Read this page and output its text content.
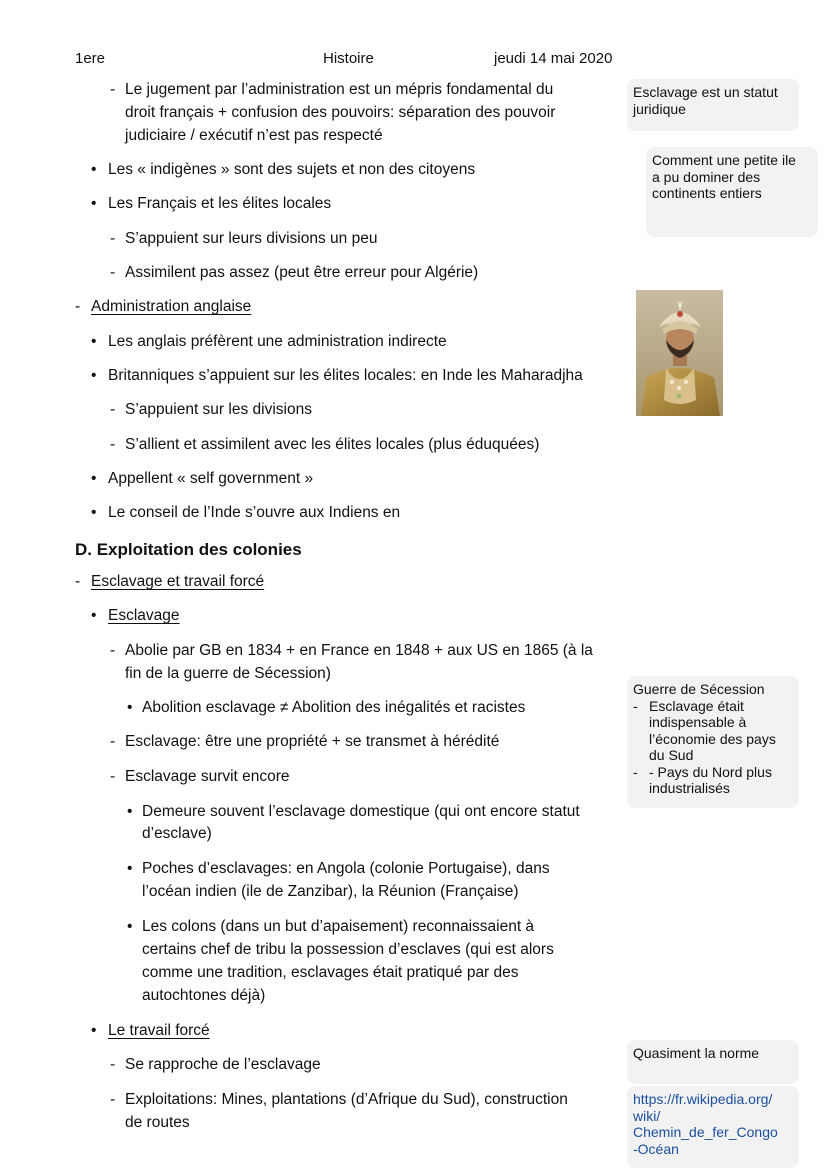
1ere	Histoire	jeudi 14 mai 2020
- Le jugement par l’administration est un mépris fondamental du
droit français + confusion des pouvoirs: séparation des pouvoir
judiciaire / exécutif n’est pas respecté
• Les « indigènes » sont des sujets et non des citoyens
• Les Français et les élites locales
- S’appuient sur leurs divisions un peu
- Assimilent pas assez (peut être erreur pour Algérie)
- Administration anglaise
• Les anglais préfèrent une administration indirecte
• Britanniques s’appuient sur les élites locales: en Inde les Maharadjha
- S’appuient sur les divisions
- S’allient et assimilent avec les élites locales (plus éduquées)
• Appellent « self government »
• Le conseil de l’Inde s’ouvre aux Indiens en
D. Exploitation des colonies
- Esclavage et travail forcé
• Esclavage
- Abolie par GB en 1834 + en France en 1848 + aux US en 1865 (à la
fin de la guerre de Sécession)
• Abolition esclavage ≠ Abolition des inégalités et racistes
- Esclavage: être une propriété + se transmet à hérédité
- Esclavage survit encore
• Demeure souvent l’esclavage domestique (qui ont encore statut
d’esclave)
• Poches d’esclavages: en Angola (colonie Portugaise), dans
l’océan indien (ile de Zanzibar), la Réunion (Française)
• Les colons (dans un but d’apaisement) reconnaissaient à
certains chef de tribu la possession d’esclaves (qui est alors
comme une tradition, esclavages était pratiqué par des
autochtones déjà)
• Le travail forcé
- Se rapproche de l’esclavage
- Exploitations: Mines, plantations (d’Afrique du Sud), construction
de routes
Esclavage est un statut
juridique
Comment une petite ile
a pu dominer des
continents entiers
Guerre de Sécession
- Esclavage était
indispensable à
l’économie des pays
du Sud
- - Pays du Nord plus
industrialisés
Quasiment la norme
https://fr.wikipedia.org/
wiki/
Chemin_de_fer_Congo
-Océan
